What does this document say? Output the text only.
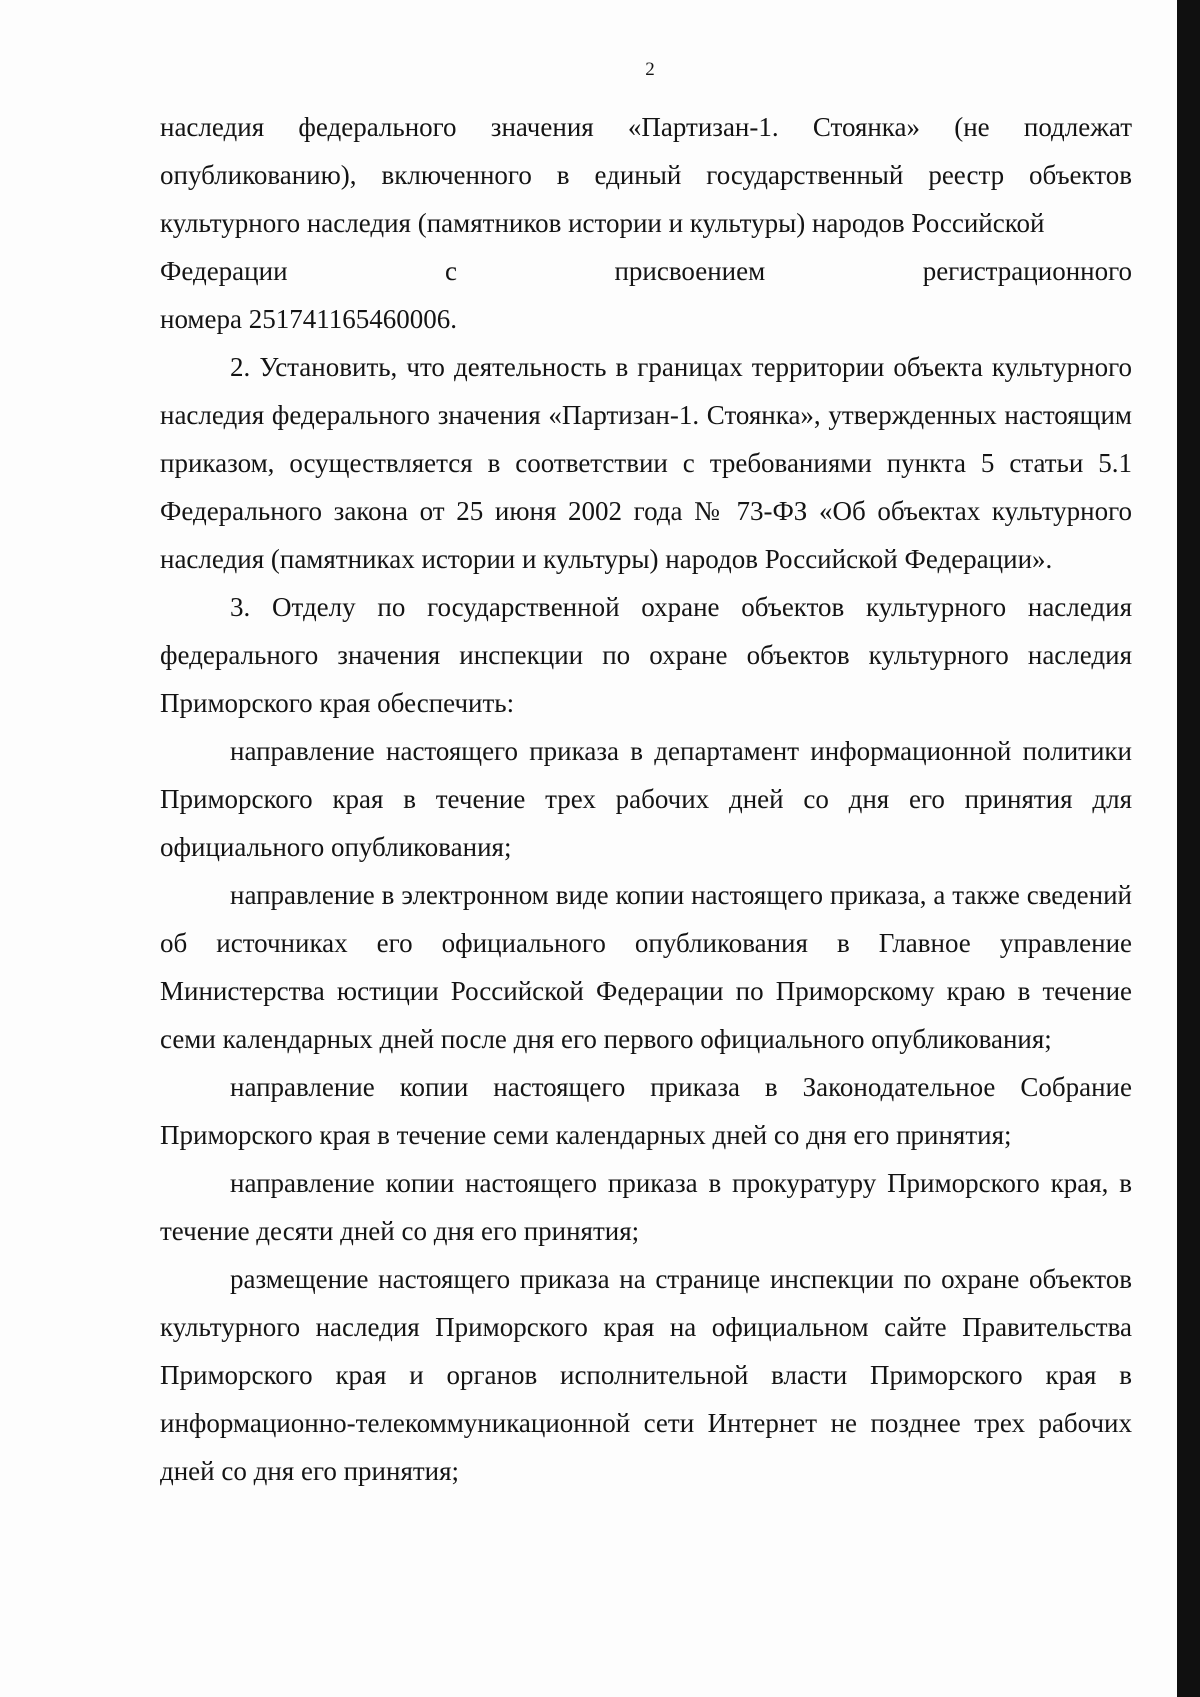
2

наследия федерального значения «Партизан-1. Стоянка» (не подлежат опубликованию), включенного в единый государственный реестр объектов культурного наследия (памятников истории и культуры) народов Российской

Федерации	с	присвоением	регистрационного

номера 251741165460006.

2. Установить, что деятельность в границах территории объекта культурного наследия федерального значения «Партизан-1. Стоянка», утвержденных настоящим приказом, осуществляется в соответствии с требованиями пункта 5 статьи 5.1 Федерального закона от 25 июня 2002 года № 73-ФЗ «Об объектах культурного наследия (памятниках истории и культуры) народов Российской Федерации».

3. Отделу по государственной охране объектов культурного наследия федерального значения инспекции по охране объектов культурного наследия Приморского края обеспечить:

направление настоящего приказа в департамент информационной политики Приморского края в течение трех рабочих дней со дня его принятия для официального опубликования;

направление в электронном виде копии настоящего приказа, а также сведений об источниках его официального опубликования в Главное управление Министерства юстиции Российской Федерации по Приморскому краю в течение семи календарных дней после дня его первого официального опубликования;

направление копии настоящего приказа в Законодательное Собрание Приморского края в течение семи календарных дней со дня его принятия;

направление копии настоящего приказа в прокуратуру Приморского края, в течение десяти дней со дня его принятия;

размещение настоящего приказа на странице инспекции по охране объектов культурного наследия Приморского края на официальном сайте Правительства Приморского края и органов исполнительной власти Приморского края в информационно-телекоммуникационной сети Интернет не позднее трех рабочих дней со дня его принятия;
